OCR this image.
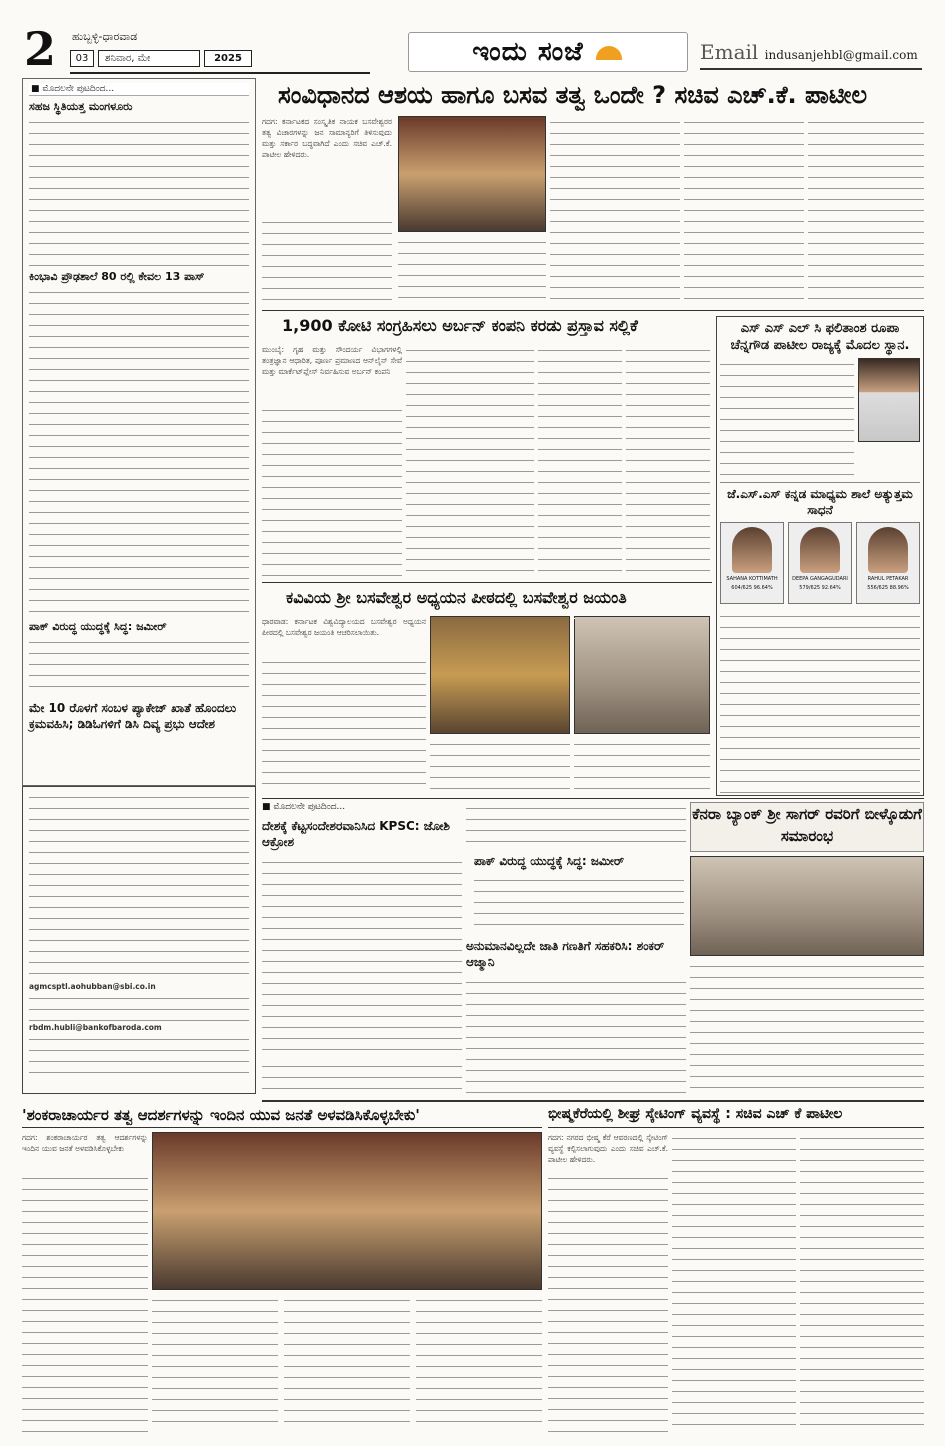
2 ಹುಬ್ಬಳ್ಳಿ-ಧಾರವಾಡ
03	ಶನಿವಾರ, ಮೇ	2025	ಇಂದು ಸಂಜೆ	Email indusanjehbl@gmail.com
■ ಮೊದಲನೇ ಪುಟದಿಂದ...
ಸಹಜ ಸ್ಥಿತಿಯತ್ತ ಮಂಗಳೂರು
ಕಿಂಭಾವಿ ಪ್ರೌಢಶಾಲೆ 80 ರಲ್ಲಿ ಕೇವಲ 13 ಪಾಸ್
ಪಾಕ್ ವಿರುದ್ಧ ಯುದ್ಧಕ್ಕೆ ಸಿದ್ಧ: ಜಮೀರ್
ಮೇ 10 ರೊಳಗೆ ಸಂಬಳ ಪ್ಯಾಕೇಜ್ ಖಾತೆ ಹೊಂದಲು ಕ್ರಮವಹಿಸಿ; ಡಿಡಿಓಗಳಿಗೆ ಡಿಸಿ ದಿವ್ಯ ಪ್ರಭು ಆದೇಶ
agmcsptl.aohubban@sbi.co.in
rbdm.hubli@bankofbaroda.com
ಸಂವಿಧಾನದ ಆಶಯ ಹಾಗೂ ಬಸವ ತತ್ವ ಒಂದೇ ? ಸಚಿವ ಎಚ್.ಕೆ. ಪಾಟೀಲ
ಗದಗ: ಕರ್ನಾಟಕದ ಸಂಸ್ಕೃತಿಕ ನಾಯಕ ಬಸವೇಶ್ವರರ ತತ್ವ ವಿಚಾರಗಳನ್ನು ಜನ ಸಾಮಾನ್ಯರಿಗೆ ತಿಳಿಸುವುದು ಮತ್ತು ಸರ್ಕಾರ ಬದ್ಧವಾಗಿದೆ ಎಂದು ಸಚಿವ ಎಚ್.ಕೆ. ಪಾಟೀಲ ಹೇಳಿದರು.
1,900 ಕೋಟಿ ಸಂಗ್ರಹಿಸಲು ಅರ್ಬನ್ ಕಂಪನಿ ಕರಡು ಪ್ರಸ್ತಾವ ಸಲ್ಲಿಕೆ
ಮುಂಬೈ: ಗೃಹ ಮತ್ತು ಸೌಂದರ್ಯ ವಿಭಾಗಗಳಲ್ಲಿ ತಂತ್ರಜ್ಞಾನ ಆಧಾರಿತ, ಪೂರ್ಣ ಪ್ರಮಾಣದ ಆನ್‌ಲೈನ್ ಸೇವೆ ಮತ್ತು ಮಾರ್ಕೆಟ್‌ಪ್ಲೇಸ್ ನಿರ್ವಹಿಸುವ ಅರ್ಬನ್ ಕಂಪನಿ
ಎಸ್ ಎಸ್ ಎಲ್ ಸಿ ಫಲಿತಾಂಶ ರೂಪಾ ಚೆನ್ನಗೌಡ ಪಾಟೀಲ ರಾಜ್ಯಕ್ಕೆ ಮೊದಲ ಸ್ಥಾನ.
ಜೆ.ಎಸ್.ಎಸ್ ಕನ್ನಡ ಮಾಧ್ಯಮ ಶಾಲೆ ಅತ್ಯುತ್ತಮ ಸಾಧನೆ
SAHANA KOTTIMATH
604/625 96.64%
DEEPA GANGAGUDARI
579/625 92.64%
RAHUL PETAKAR
556/625 88.96%
ಕವಿವಿಯ ಶ್ರೀ ಬಸವೇಶ್ವರ ಅಧ್ಯಯನ ಪೀಠದಲ್ಲಿ ಬಸವೇಶ್ವರ ಜಯಂತಿ
ಧಾರವಾಡ: ಕರ್ನಾಟಕ ವಿಶ್ವವಿದ್ಯಾಲಯದ ಬಸವೇಶ್ವರ ಅಧ್ಯಯನ ಪೀಠದಲ್ಲಿ ಬಸವೇಶ್ವರ ಜಯಂತಿ ಆಚರಿಸಲಾಯಿತು.
■ ಮೊದಲನೇ ಪುಟದಿಂದ...
ದೇಶಕ್ಕೆ ಕೆಟ್ಟಸಂದೇಶರವಾನಿಸಿದ KPSC: ಜೋಶಿ ಆಕ್ರೋಶ
ಪಾಕ್ ವಿರುದ್ಧ ಯುದ್ಧಕ್ಕೆ ಸಿದ್ಧ: ಜಮೀರ್
ಅನುಮಾನವಿಲ್ಲದೇ ಜಾತಿ ಗಣತಿಗೆ ಸಹಕರಿಸಿ: ಶಂಕರ್ ಆಜ್ಮಾನಿ
ಕೆನರಾ ಬ್ಯಾಂಕ್ ಶ್ರೀ ಸಾಗರ್ ರವರಿಗೆ ಬೀಳ್ಕೊಡುಗೆ ಸಮಾರಂಭ
'ಶಂಕರಾಚಾರ್ಯರ ತತ್ವ ಆದರ್ಶಗಳನ್ನು ಇಂದಿನ ಯುವ ಜನತೆ ಅಳವಡಿಸಿಕೊಳ್ಳಬೇಕು'
ಗದಗ: ಶಂಕರಾಚಾರ್ಯರ ತತ್ವ ಆದರ್ಶಗಳನ್ನು ಇಂದಿನ ಯುವ ಜನತೆ ಅಳವಡಿಸಿಕೊಳ್ಳಬೇಕು
ಭೀಷ್ಮಕೆರೆಯಲ್ಲಿ ಶೀಘ್ರ ಸ್ಕೇಟಿಂಗ್ ವ್ಯವಸ್ಥೆ : ಸಚಿವ ಎಚ್ ಕೆ ಪಾಟೀಲ
ಗದಗ: ನಗರದ ಭೀಷ್ಮ ಕೆರೆ ಆವರಣದಲ್ಲಿ ಸ್ಕೇಟಿಂಗ್ ವ್ಯವಸ್ಥೆ ಕಲ್ಪಿಸಲಾಗುವುದು ಎಂದು ಸಚಿವ ಎಚ್.ಕೆ. ಪಾಟೀಲ ಹೇಳಿದರು.
